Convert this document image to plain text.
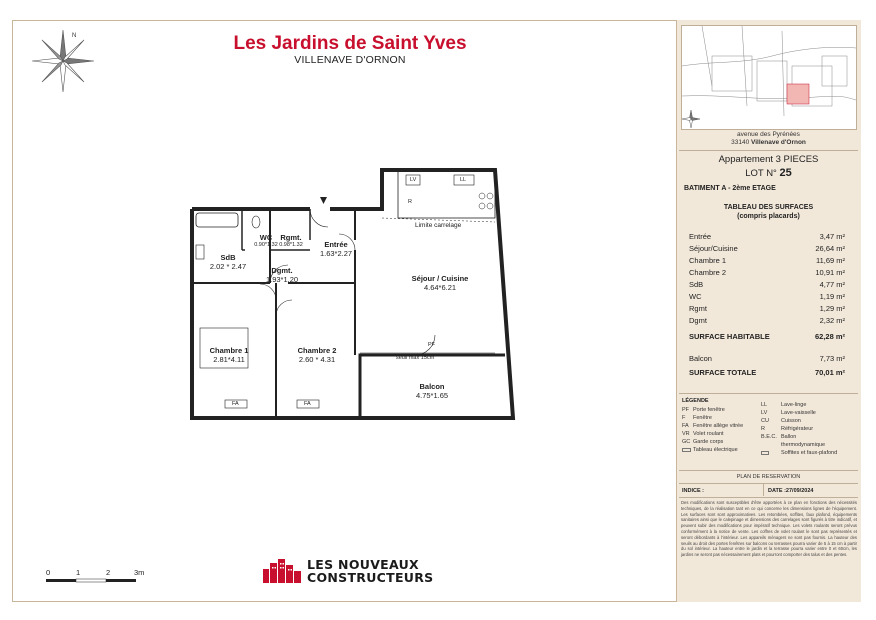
N	Les Jardins de Saint Yves
VILLENAVE D'ORNON
WC
0.90*1.32
Rgmt.
0.98*1.32	Entrée
1.63*2.27
SdB
2.02 * 2.47	Dgmt.
1.93*1.20	Séjour / Cuisine
4.64*6.21
Chambre 1
2.81*4.11
Chambre 2
2.60 * 4.31
Balcon
4.75*1.65
Limite carrelage
seuil max 15cm
PF
FA	FA
LV	LL
R
0	1	2	3m
LES NOUVEAUX
CONSTRUCTEURS
avenue des Pyrénées
33140 Villenave d'Ornon
Appartement 3 PIECES
LOT N° 25
BATIMENT A - 2ème ETAGE
TABLEAU DES SURFACES
(compris placards)
Entrée	3,47 m²
Séjour/Cuisine	26,64 m²
Chambre 1	11,69 m²
Chambre 2	10,91 m²
SdB	4,77 m²
WC	1,19 m²
Rgmt	1,29 m²
Dgmt	2,32 m²
SURFACE HABITABLE	62,28 m²
Balcon	7,73 m²
SURFACE TOTALE	70,01 m²
LÉGENDE
PF Porte fenêtre
F Fenêtre
FA Fenêtre allège vitrée
VR Volet roulant
GC Garde corps
Tableau électrique
LL	Lave-linge
LV Lave-vaisselle
CU Cuisson
R	Réfrigérateur
B.E.C. Ballon
thermodynamique
Soffites et faux-plafond
PLAN DE RESERVATION
INDICE :	DATE :27/09/2024
Des modifications sont susceptibles d'être apportées à ce plan en fonctions des nécessités techniques, de la réalisation tant en ce qui concerne les dimensions lignes de l'équipement. Les surfaces sont sont approximatives. Les retombées, soffites, faux plafond, équipements sanitaires ainsi que le calepinage et dimensions des carrelages sont figurés à titre indicatif, et peuvent subir des modifications pour impératif technique. Les volets roulants seront prévus conformément à la notice de vente. Les coffres de volet roulant le sont pas représentés et seront débordants à l'intérieur. Les appareils ménagers ne sont pas fournis. La hauteur des seuils au droit des portes fenêtres sur balcons ou terrasses pourra varier de 5 à 15 cm à partir du sol intérieur. La hauteur entre le jardin et la terrasse pourra varier entre 0 et 60cm, les jardins ne seront pas nécessairement plats et pourront comporter des talus et des pentes.
